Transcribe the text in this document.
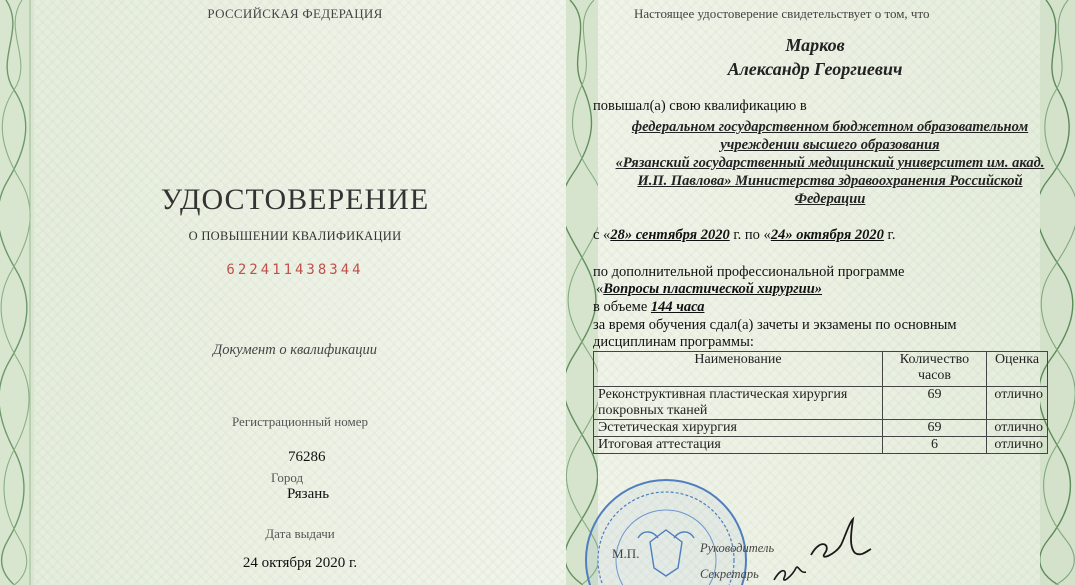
РОССИЙСКАЯ ФЕДЕРАЦИЯ
УДОСТОВЕРЕНИЕ
О ПОВЫШЕНИИ КВАЛИФИКАЦИИ
622411438344
Документ о квалификации
Регистрационный номер
76286
Город
Рязань
Дата выдачи
24 октября 2020 г.
Настоящее удостоверение свидетельствует о том, что
Марков
Александр Георгиевич
повышал(а) свою квалификацию в
федеральном государственном бюджетном образовательном
учреждении высшего образования
«Рязанский государственный медицинский университет им. акад.
И.П. Павлова» Министерства здравоохранения Российской
Федерации
с «28» сентября 2020 г. по «24» октября 2020 г.
по дополнительной профессиональной программе
«Вопросы пластической хирургии»
в объеме 144 часа
за время обучения сдал(а) зачеты и экзамены по основным
дисциплинам программы:
Наименование	Количество часов	Оценка
Реконструктивная пластическая хирургия покровных тканей	69	отлично
Эстетическая хирургия	69	отлично
Итоговая аттестация	6	отлично
М.П.	Руководитель
Секретарь
